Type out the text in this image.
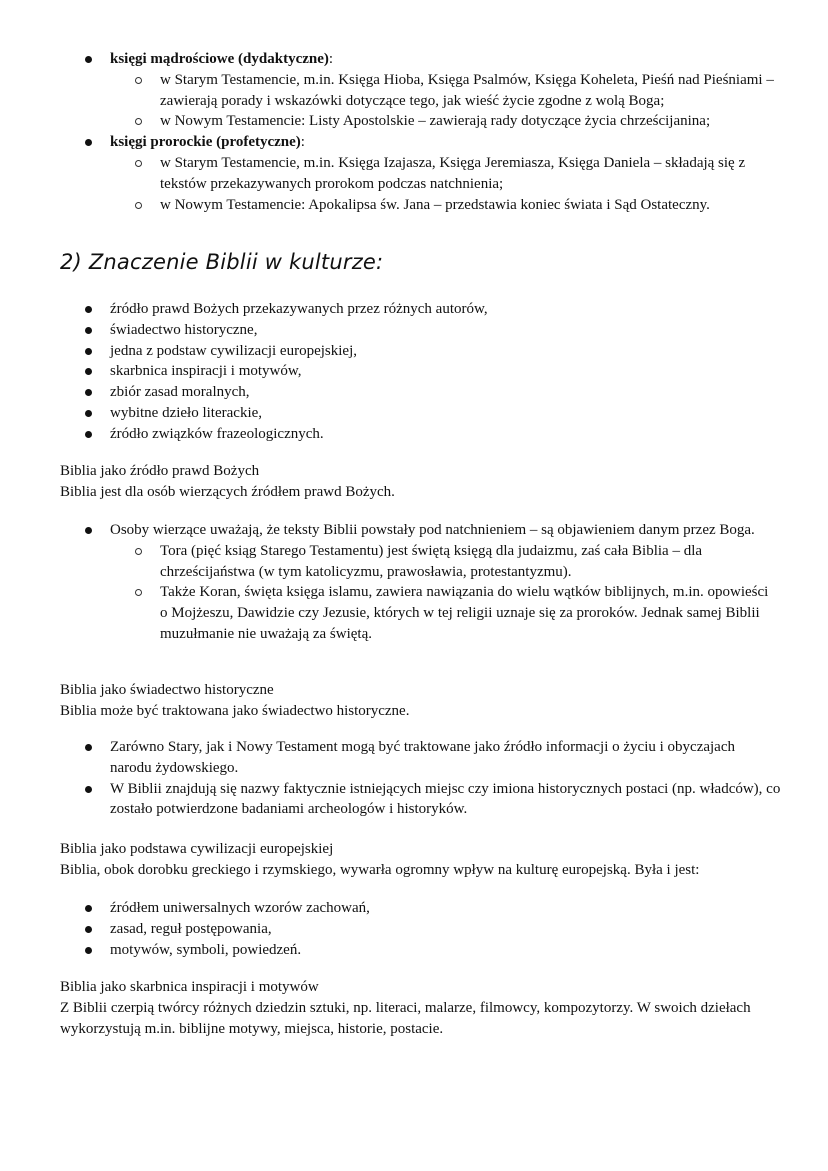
księgi mądrościowe (dydaktyczne):
w Starym Testamencie, m.in. Księga Hioba, Księga Psalmów, Księga Koheleta, Pieśń nad Pieśniami – zawierają porady i wskazówki dotyczące tego, jak wieść życie zgodne z wolą Boga;
w Nowym Testamencie: Listy Apostolskie – zawierają rady dotyczące życia chrześcijanina;
księgi prorockie (profetyczne):
w Starym Testamencie, m.in. Księga Izajasza, Księga Jeremiasza, Księga Daniela – składają się z tekstów przekazywanych prorokom podczas natchnienia;
w Nowym Testamencie: Apokalipsa św. Jana – przedstawia koniec świata i Sąd Ostateczny.
2) Znaczenie Biblii w kulturze:
źródło prawd Bożych przekazywanych przez różnych autorów,
świadectwo historyczne,
jedna z podstaw cywilizacji europejskiej,
skarbnica inspiracji i motywów,
zbiór zasad moralnych,
wybitne dzieło literackie,
źródło związków frazeologicznych.
Biblia jako źródło prawd Bożych
Biblia jest dla osób wierzących źródłem prawd Bożych.
Osoby wierzące uważają, że teksty Biblii powstały pod natchnieniem – są objawieniem danym przez Boga.
Tora (pięć ksiąg Starego Testamentu) jest świętą księgą dla judaizmu, zaś cała Biblia – dla chrześcijaństwa (w tym katolicyzmu, prawosławia, protestantyzmu).
Także Koran, święta księga islamu, zawiera nawiązania do wielu wątków biblijnych, m.in. opowieści o Mojżeszu, Dawidzie czy Jezusie, których w tej religii uznaje się za proroków. Jednak samej Biblii muzułmanie nie uważają za świętą.
Biblia jako świadectwo historyczne
Biblia może być traktowana jako świadectwo historyczne.
Zarówno Stary, jak i Nowy Testament mogą być traktowane jako źródło informacji o życiu i obyczajach narodu żydowskiego.
W Biblii znajdują się nazwy faktycznie istniejących miejsc czy imiona historycznych postaci (np. władców), co zostało potwierdzone badaniami archeologów i historyków.
Biblia jako podstawa cywilizacji europejskiej
Biblia, obok dorobku greckiego i rzymskiego, wywarła ogromny wpływ na kulturę europejską. Była i jest:
źródłem uniwersalnych wzorów zachowań,
zasad, reguł postępowania,
motywów, symboli, powiedzeń.
Biblia jako skarbnica inspiracji i motywów
Z Biblii czerpią twórcy różnych dziedzin sztuki, np. literaci, malarze, filmowcy, kompozytorzy. W swoich dziełach wykorzystują m.in. biblijne motywy, miejsca, historie, postacie.
